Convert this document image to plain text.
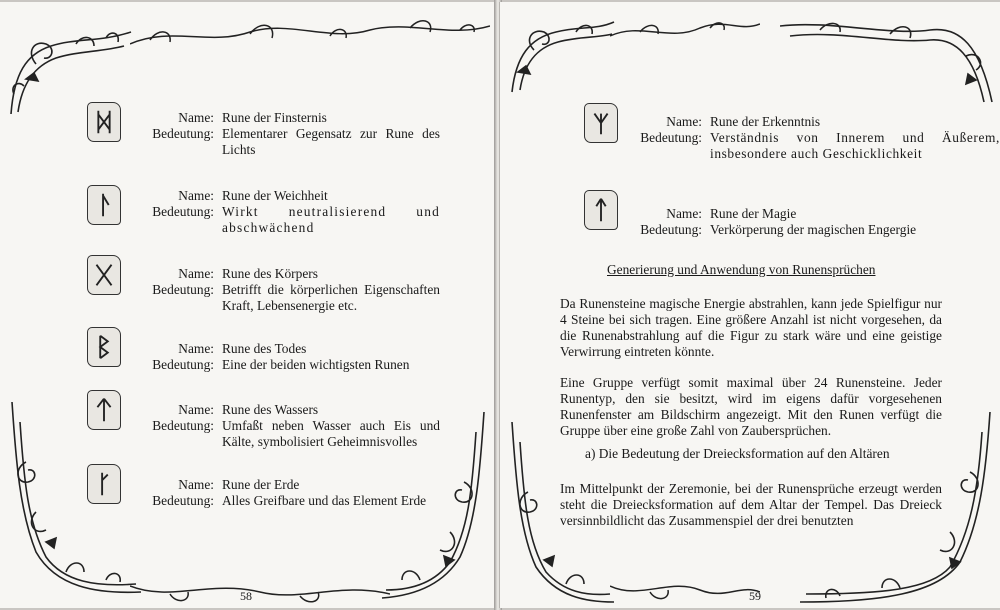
Name: Rune der Finsternis
Bedeutung: Elementarer Gegensatz zur Rune des Lichts
Name: Rune der Weichheit
Bedeutung: Wirkt neutralisierend und abschwächend
Name: Rune des Körpers
Bedeutung: Betrifft die körperlichen Eigenschaften Kraft, Lebensenergie etc.
Name: Rune des Todes
Bedeutung: Eine der beiden wichtigsten Runen
Name: Rune des Wassers
Bedeutung: Umfaßt neben Wasser auch Eis und Kälte, symbolisiert Geheimnisvolles
Name: Rune der Erde
Bedeutung: Alles Greifbare und das Element Erde
58	59
Name: Rune der Erkenntnis
Bedeutung: Verständnis von Innerem und Äußerem, insbesondere auch Geschicklichkeit
Name: Rune der Magie
Bedeutung: Verkörperung der magischen Engergie
Generierung und Anwendung von Runensprüchen
Da Runensteine magische Energie abstrahlen, kann jede Spielfigur nur 4 Steine bei sich tragen. Eine größere Anzahl ist nicht vorgesehen, da die Runenabstrahlung auf die Figur zu stark wäre und eine geistige Verwirrung eintreten könnte.
Eine Gruppe verfügt somit maximal über 24 Runensteine. Jeder Runentyp, den sie besitzt, wird im eigens dafür vorgesehenen Runenfenster am Bildschirm angezeigt. Mit den Runen verfügt die Gruppe über eine große Zahl von Zaubersprüchen.
a) Die Bedeutung der Dreiecksformation auf den Altären
Im Mittelpunkt der Zeremonie, bei der Runensprüche erzeugt werden steht die Dreiecksformation auf dem Altar der Tempel. Das Dreieck versinnbildlicht das Zusammenspiel der drei benutzten
